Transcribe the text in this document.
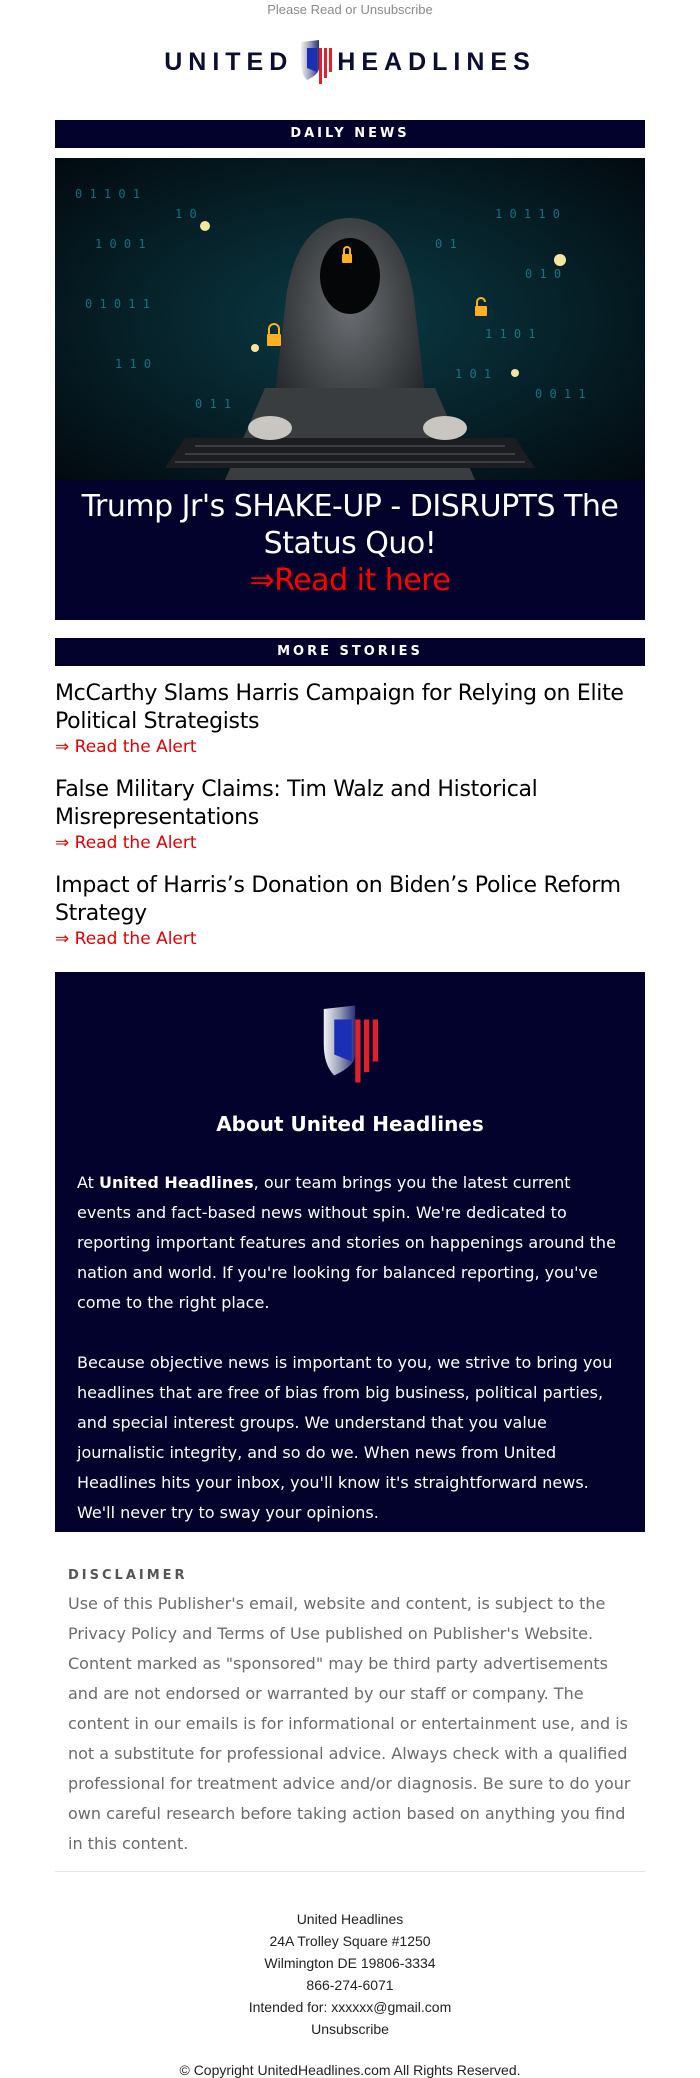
Please Read or Unsubscribe
UNITED HEADLINES
DAILY NEWS
0 1 1 0 1
1 0 0 1
0 1 0 1 1
1 1 0
1 0 1 1 0
0 1 0
1 1 0 1
0 0 1 1
1 0
0 1 1
0 1
1 0 1
Trump Jr's SHAKE-UP - DISRUPTS The Status Quo!
⇒Read it here
MORE STORIES
McCarthy Slams Harris Campaign for Relying on Elite Political Strategists
⇒ Read the Alert
False Military Claims: Tim Walz and Historical Misrepresentations
⇒ Read the Alert
Impact of Harris’s Donation on Biden’s Police Reform Strategy
⇒ Read the Alert
About United Headlines

At United Headlines, our team brings you the latest current events and fact-based news without spin. We're dedicated to reporting important features and stories on happenings around the nation and world. If you're looking for balanced reporting, you've come to the right place.

Because objective news is important to you, we strive to bring you headlines that are free of bias from big business, political parties, and special interest groups. We understand that you value journalistic integrity, and so do we. When news from United Headlines hits your inbox, you'll know it's straightforward news. We'll never try to sway your opinions.

DISCLAIMER
Use of this Publisher's email, website and content, is subject to the Privacy Policy and Terms of Use published on Publisher's Website. Content marked as "sponsored" may be third party advertisements and are not endorsed or warranted by our staff or company. The content in our emails is for informational or entertainment use, and is not a substitute for professional advice. Always check with a qualified professional for treatment advice and/or diagnosis. Be sure to do your own careful research before taking action based on anything you find in this content.
United Headlines
24A Trolley Square #1250
Wilmington DE 19806-3334
866-274-6071
Intended for: xxxxxx@gmail.com
Unsubscribe
© Copyright UnitedHeadlines.com All Rights Reserved.
